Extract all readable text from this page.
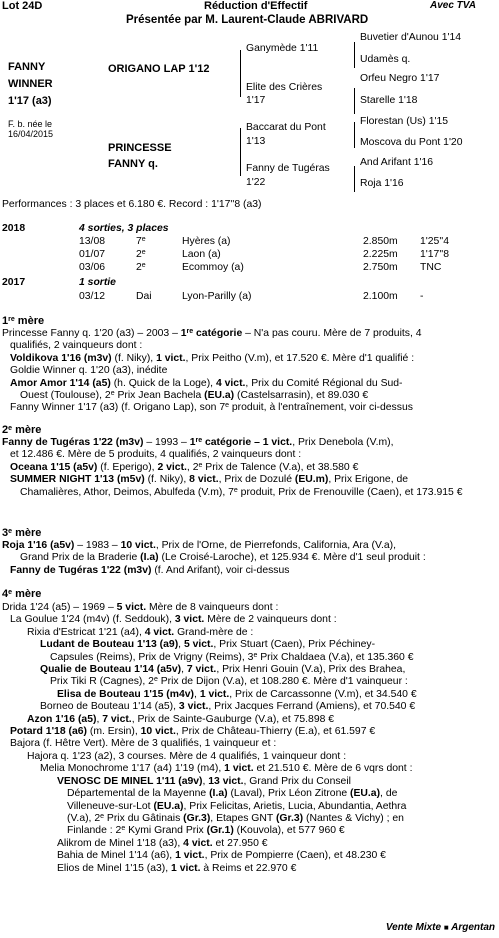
Lot 24D	Réduction d'Effectif	Avec TVA
Présentée par M. Laurent-Claude ABRIVARD
FANNY
WINNER
1'17 (a3)
F. b. née le
16/04/2015
ORIGANO LAP 1'12
PRINCESSE
FANNY q.
Ganymède 1'11
Elite des Crières
1'17
Baccarat du Pont
1'13
Fanny de Tugéras
1'22
Buvetier d'Aunou 1'14
Udamès q.
Orfeu Negro 1'17
Starelle 1'18
Florestan (Us) 1'15
Moscova du Pont 1'20
And Arifant 1'16
Roja 1'16
Performances : 3 places et 6.180 €. Record : 1'17''8 (a3)
2018	4 sorties, 3 places
13/08	7e	Hyères (a)	2.850m 1'25''4
01/07	2e	Laon (a)	2.225m 1'17''8
03/06	2e	Ecommoy (a)	2.750m TNC
2017	1 sortie
03/12	Dai	Lyon-Parilly (a)	2.100m -
1re mère
Princesse Fanny q. 1'20 (a3) – 2003 – 1re catégorie – N'a pas couru. Mère de 7 produits, 4
qualifiés, 2 vainqueurs dont :
Voldikova 1'16 (m3v) (f. Niky), 1 vict., Prix Peitho (V.m), et 17.520 €. Mère d'1 qualifié :
Goldie Winner q. 1'20 (a3), inédite
Amor Amor 1'14 (a5) (h. Quick de la Loge), 4 vict., Prix du Comité Régional du Sud-
Ouest (Toulouse), 2e Prix Jean Bachela (EU.a) (Castelsarrasin), et 89.030 €
Fanny Winner 1'17 (a3) (f. Origano Lap), son 7e produit, à l'entraînement, voir ci-dessus
2e mère
Fanny de Tugéras 1'22 (m3v) – 1993 – 1re catégorie – 1 vict., Prix Denebola (V.m),
et 12.486 €. Mère de 5 produits, 4 qualifiés, 2 vainqueurs dont :
Oceana 1'15 (a5v) (f. Eperigo), 2 vict., 2e Prix de Talence (V.a), et 38.580 €
SUMMER NIGHT 1'13 (m5v) (f. Niky), 8 vict., Prix de Dozulé (EU.m), Prix Erigone, de
Chamalières, Athor, Deimos, Abulfeda (V.m), 7e produit, Prix de Frenouville (Caen), et 173.915 €
3e mère
Roja 1'16 (a5v) – 1983 – 10 vict., Prix de l'Orne, de Pierrefonds, California, Ara (V.a),
Grand Prix de la Braderie (I.a) (Le Croisé-Laroche), et 125.934 €. Mère d'1 seul produit :
Fanny de Tugéras 1'22 (m3v) (f. And Arifant), voir ci-dessus
4e mère
Drida 1'24 (a5) – 1969 – 5 vict. Mère de 8 vainqueurs dont :
La Goulue 1'24 (m4v) (f. Seddouk), 3 vict. Mère de 2 vainqueurs dont :
Rixia d'Estricat 1'21 (a4), 4 vict. Grand-mère de :
Ludant de Bouteau 1'13 (a9), 5 vict., Prix Stuart (Caen), Prix Péchiney-
Capsules (Reims), Prix de Vrigny (Reims), 3e Prix Chaldaea (V.a), et 135.360 €
Qualie de Bouteau 1'14 (a5v), 7 vict., Prix Henri Gouin (V.a), Prix des Brahea,
Prix Tiki R (Cagnes), 2e Prix de Dijon (V.a), et 108.280 €. Mère d'1 vainqueur :
Elisa de Bouteau 1'15 (m4v), 1 vict., Prix de Carcassonne (V.m), et 34.540 €
Borneo de Bouteau 1'14 (a5), 3 vict., Prix Jacques Ferrand (Amiens), et 70.540 €
Azon 1'16 (a5), 7 vict., Prix de Sainte-Gauburge (V.a), et 75.898 €
Potard 1'18 (a6) (m. Ersin), 10 vict., Prix de Château-Thierry (E.a), et 61.597 €
Bajora (f. Hêtre Vert). Mère de 3 qualifiés, 1 vainqueur et :
Hajora q. 1'23 (a2), 3 courses. Mère de 4 qualifiés, 1 vainqueur dont :
Melia Monochrome 1'17 (a4) 1'19 (m4), 1 vict. et 21.510 €. Mère de 6 vqrs dont :
VENOSC DE MINEL 1'11 (a9v), 13 vict., Grand Prix du Conseil
Départemental de la Mayenne (I.a) (Laval), Prix Léon Zitrone (EU.a), de
Villeneuve-sur-Lot (EU.a), Prix Felicitas, Arietis, Lucia, Abundantia, Aethra
(V.a), 2e Prix du Gâtinais (Gr.3), Etapes GNT (Gr.3) (Nantes & Vichy) ; en
Finlande : 2e Kymi Grand Prix (Gr.1) (Kouvola), et 577 960 €
Alikrom de Minel 1'18 (a3), 4 vict. et 27.950 €
Bahia de Minel 1'14 (a6), 1 vict., Prix de Pompierre (Caen), et 48.230 €
Elios de Minel 1'15 (a3), 1 vict. à Reims et 22.970 €
Vente Mixte ■ Argentan
